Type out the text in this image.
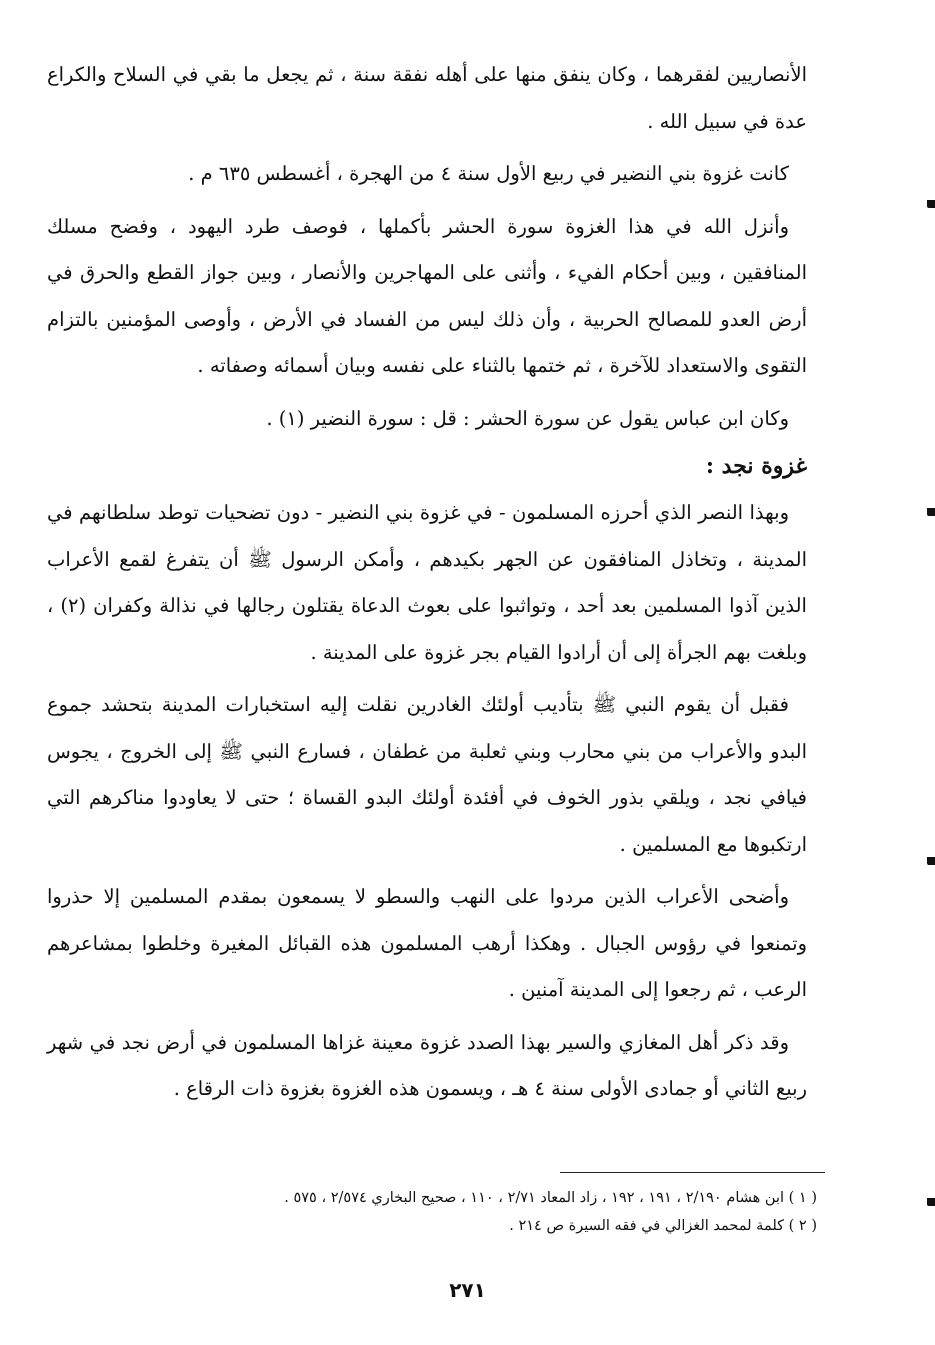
الأنصاريين لفقرهما ، وكان ينفق منها على أهله نفقة سنة ، ثم يجعل ما بقي في السلاح والكراع عدة في سبيل الله .

كانت غزوة بني النضير في ربيع الأول سنة ٤ من الهجرة ، أغسطس ٦٣٥ م .

وأنزل الله في هذا الغزوة سورة الحشر بأكملها ، فوصف طرد اليهود ، وفضح مسلك المنافقين ، وبين أحكام الفيء ، وأثنى على المهاجرين والأنصار ، وبين جواز القطع والحرق في أرض العدو للمصالح الحربية ، وأن ذلك ليس من الفساد في الأرض ، وأوصى المؤمنين بالتزام التقوى والاستعداد للآخرة ، ثم ختمها بالثناء على نفسه وبيان أسمائه وصفاته .

وكان ابن عباس يقول عن سورة الحشر : قل : سورة النضير (١) .

غزوة نجد :

وبهذا النصر الذي أحرزه المسلمون - في غزوة بني النضير - دون تضحيات توطد سلطانهم في المدينة ، وتخاذل المنافقون عن الجهر بكيدهم ، وأمكن الرسول ﷺ أن يتفرغ لقمع الأعراب الذين آذوا المسلمين بعد أحد ، وتواثبوا على بعوث الدعاة يقتلون رجالها في نذالة وكفران (٢) ، وبلغت بهم الجرأة إلى أن أرادوا القيام بجر غزوة على المدينة .

فقبل أن يقوم النبي ﷺ بتأديب أولئك الغادرين نقلت إليه استخبارات المدينة بتحشد جموع البدو والأعراب من بني محارب وبني ثعلبة من غطفان ، فسارع النبي ﷺ إلى الخروج ، يجوس فيافي نجد ، ويلقي بذور الخوف في أفئدة أولئك البدو القساة ؛ حتى لا يعاودوا مناكرهم التي ارتكبوها مع المسلمين .

وأضحى الأعراب الذين مردوا على النهب والسطو لا يسمعون بمقدم المسلمين إلا حذروا وتمنعوا في رؤوس الجبال . وهكذا أرهب المسلمون هذه القبائل المغيرة وخلطوا بمشاعرهم الرعب ، ثم رجعوا إلى المدينة آمنين .

وقد ذكر أهل المغازي والسير بهذا الصدد غزوة معينة غزاها المسلمون في أرض نجد في شهر ربيع الثاني أو جمادى الأولى سنة ٤ هـ ، ويسمون هذه الغزوة بغزوة ذات الرقاع .

( ١ ) ابن هشام ٢/١٩٠ ، ١٩١ ، ١٩٢ ، زاد المعاد ٢/٧١ ، ١١٠ ، صحيح البخاري ٢/٥٧٤ ، ٥٧٥ .
( ٢ ) كلمة لمحمد الغزالي في فقه السيرة ص ٢١٤ .
٢٧١
